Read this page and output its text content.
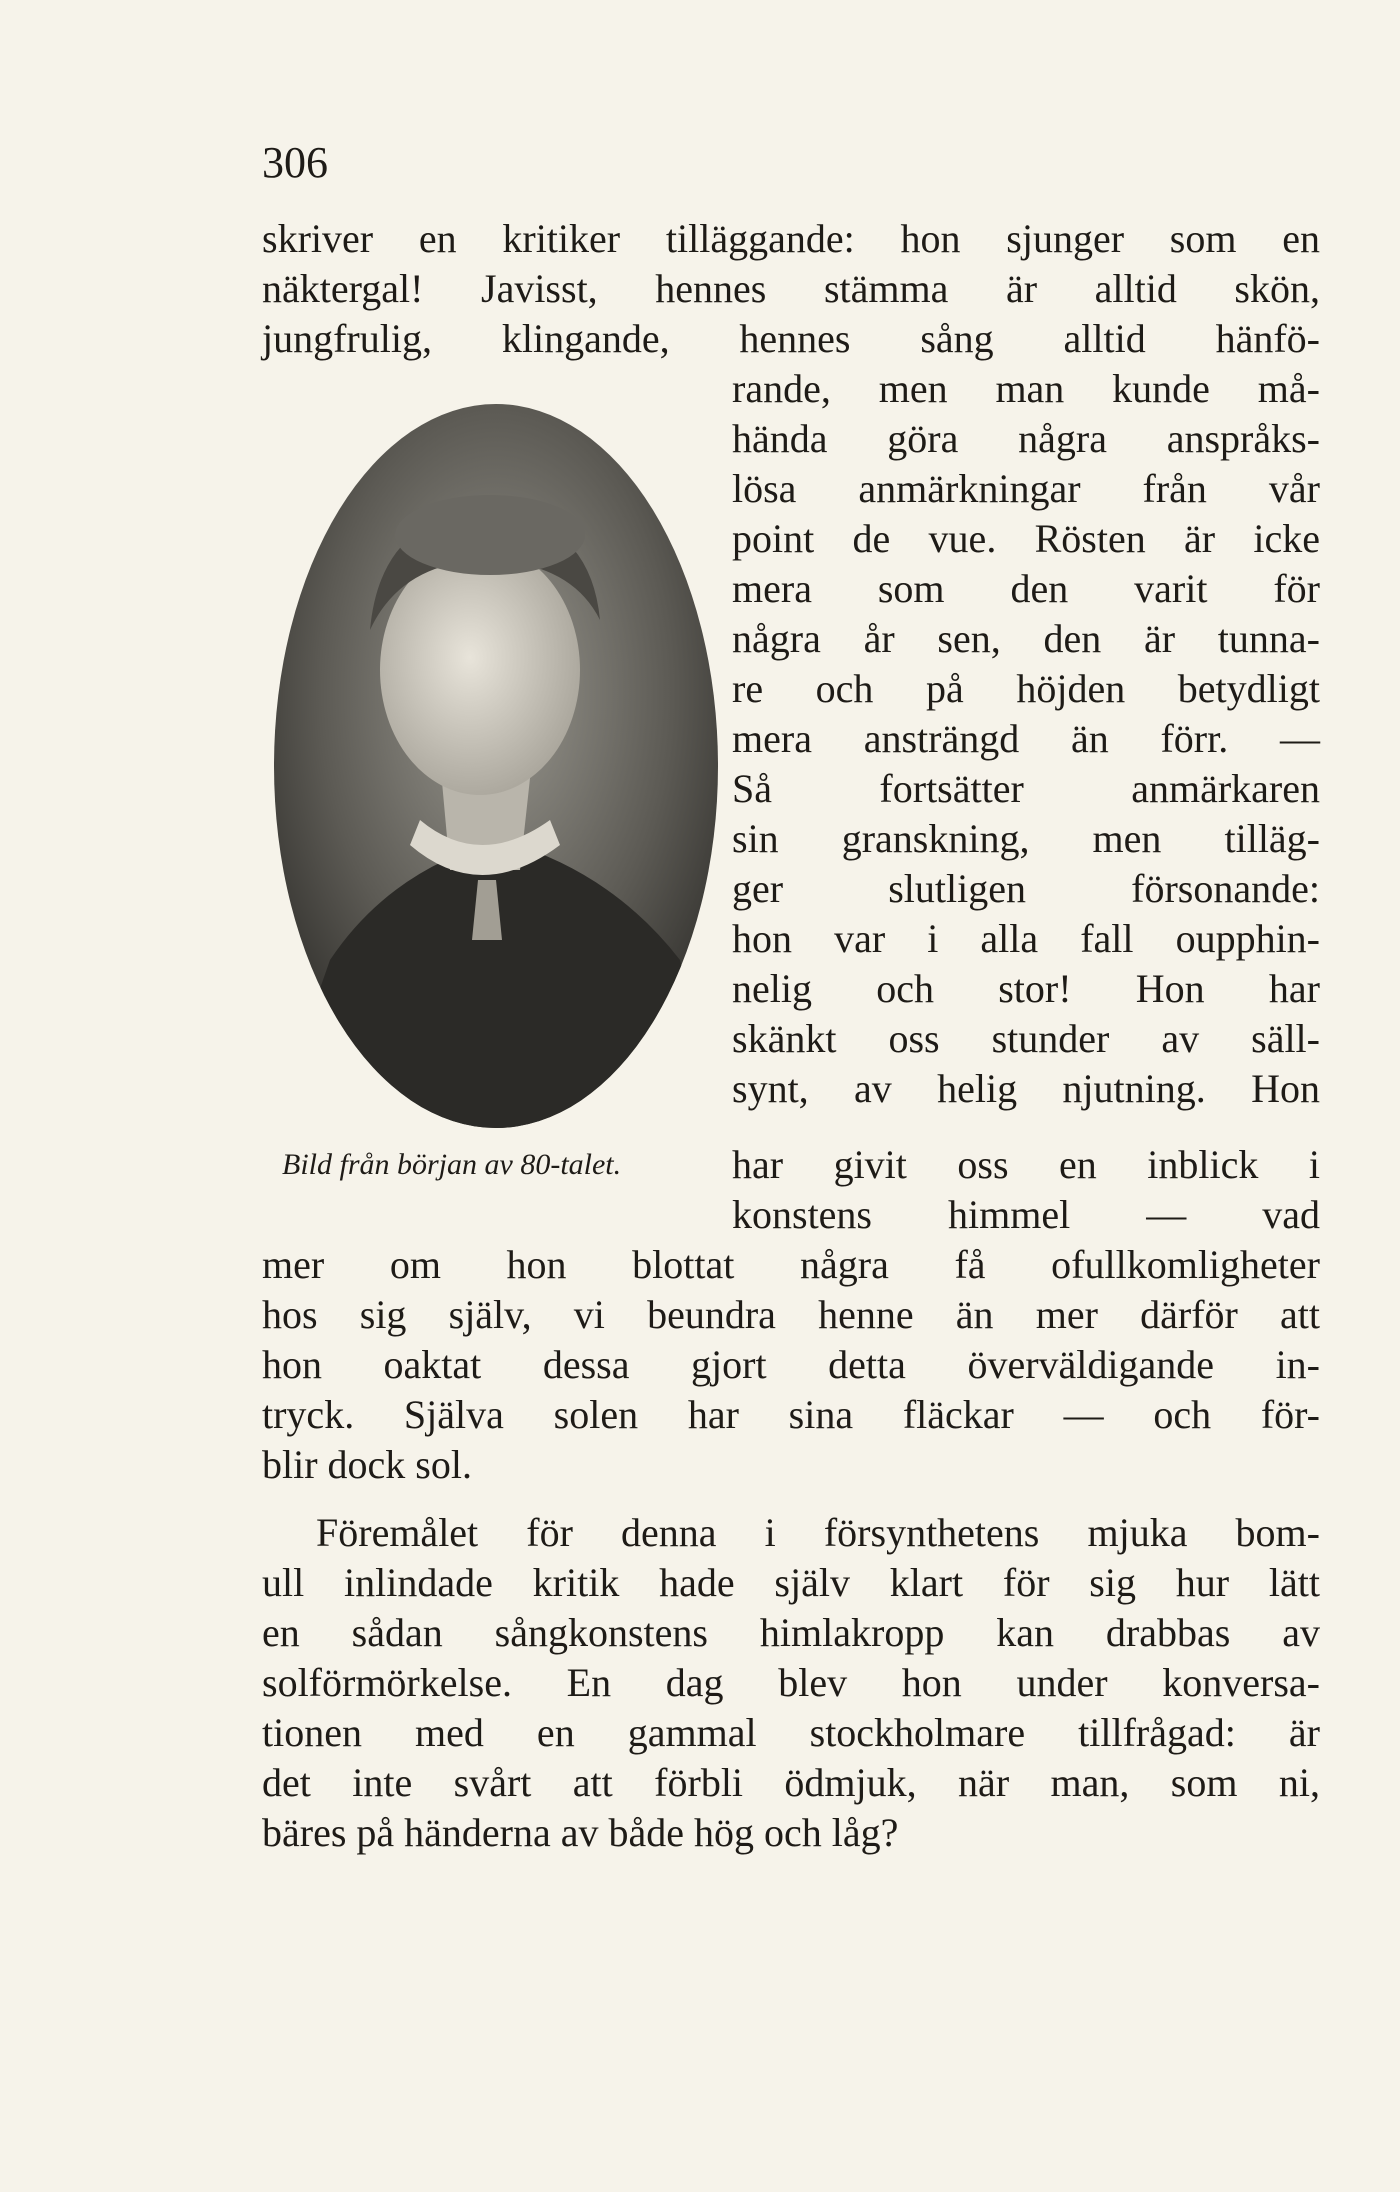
306

skriver en kritiker tilläggande: hon sjunger som en

näktergal! Javisst, hennes stämma är alltid skön,

jungfrulig, klingande, hennes sång alltid hänfö-

rande, men man kunde må-

hända göra några anspråks-

lösa anmärkningar från vår

point de vue. Rösten är icke

mera som den varit för

några år sen, den är tunna-

re och på höjden betydligt

mera ansträngd än förr. —

Så fortsätter anmärkaren

sin granskning, men tilläg-

ger slutligen försonande:

hon var i alla fall oupphin-

nelig och stor! Hon har

skänkt oss stunder av säll-

synt, av helig njutning. Hon

har givit oss en inblick i

konstens himmel — vad

mer om hon blottat några få ofullkomligheter

hos sig själv, vi beundra henne än mer därför att

hon oaktat dessa gjort detta överväldigande in-

tryck. Själva solen har sina fläckar — och för-

blir dock sol.

Föremålet för denna i försynthetens mjuka bom-

ull inlindade kritik hade själv klart för sig hur lätt

en sådan sångkonstens himlakropp kan drabbas av

solförmörkelse. En dag blev hon under konversa-

tionen med en gammal stockholmare tillfrågad: är

det inte svårt att förbli ödmjuk, när man, som ni,

bäres på händerna av både hög och låg?

Bild från början av 80-talet.
